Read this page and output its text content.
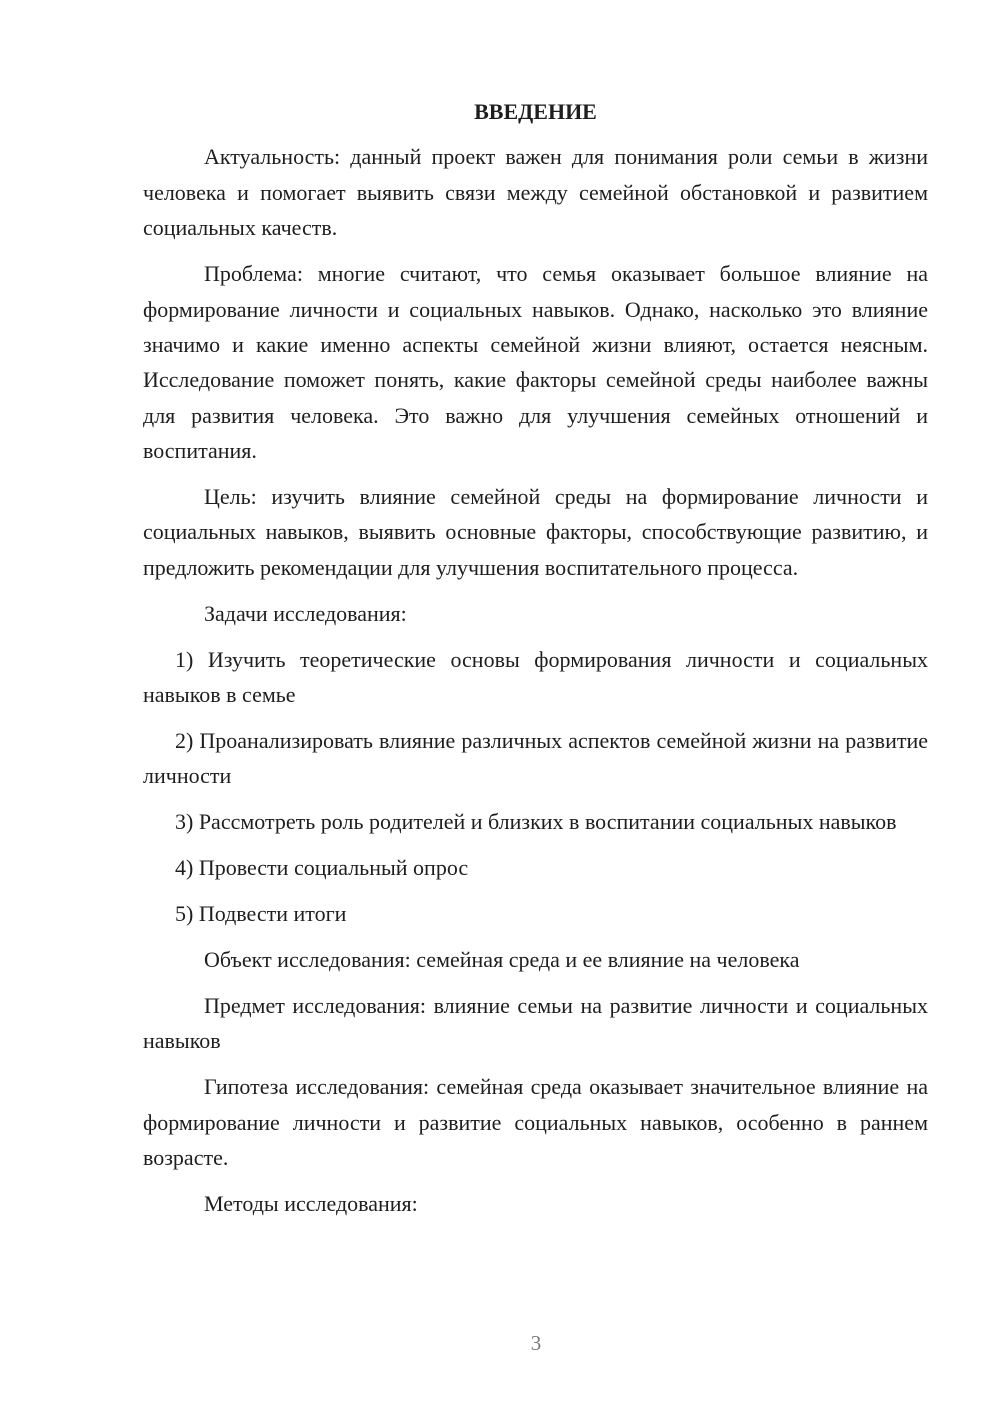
ВВЕДЕНИЕ

Актуальность: данный проект важен для понимания роли семьи в жизни человека и помогает выявить связи между семейной обстановкой и развитием социальных качеств.

Проблема: многие считают, что семья оказывает большое влияние на формирование личности и социальных навыков. Однако, насколько это влияние значимо и какие именно аспекты семейной жизни влияют, остается неясным. Исследование поможет понять, какие факторы семейной среды наиболее важны для развития человека. Это важно для улучшения семейных отношений и воспитания.

Цель: изучить влияние семейной среды на формирование личности и социальных навыков, выявить основные факторы, способствующие развитию, и предложить рекомендации для улучшения воспитательного процесса.

Задачи исследования:

1) Изучить теоретические основы формирования личности и социальных навыков в семье

2) Проанализировать влияние различных аспектов семейной жизни на развитие личности

3) Рассмотреть роль родителей и близких в воспитании социальных навыков

4) Провести социальный опрос

5) Подвести итоги

Объект исследования: семейная среда и ее влияние на человека

Предмет исследования: влияние семьи на развитие личности и социальных навыков

Гипотеза исследования: семейная среда оказывает значительное влияние на формирование личности и развитие социальных навыков, особенно в раннем возрасте.

Методы исследования:

3
